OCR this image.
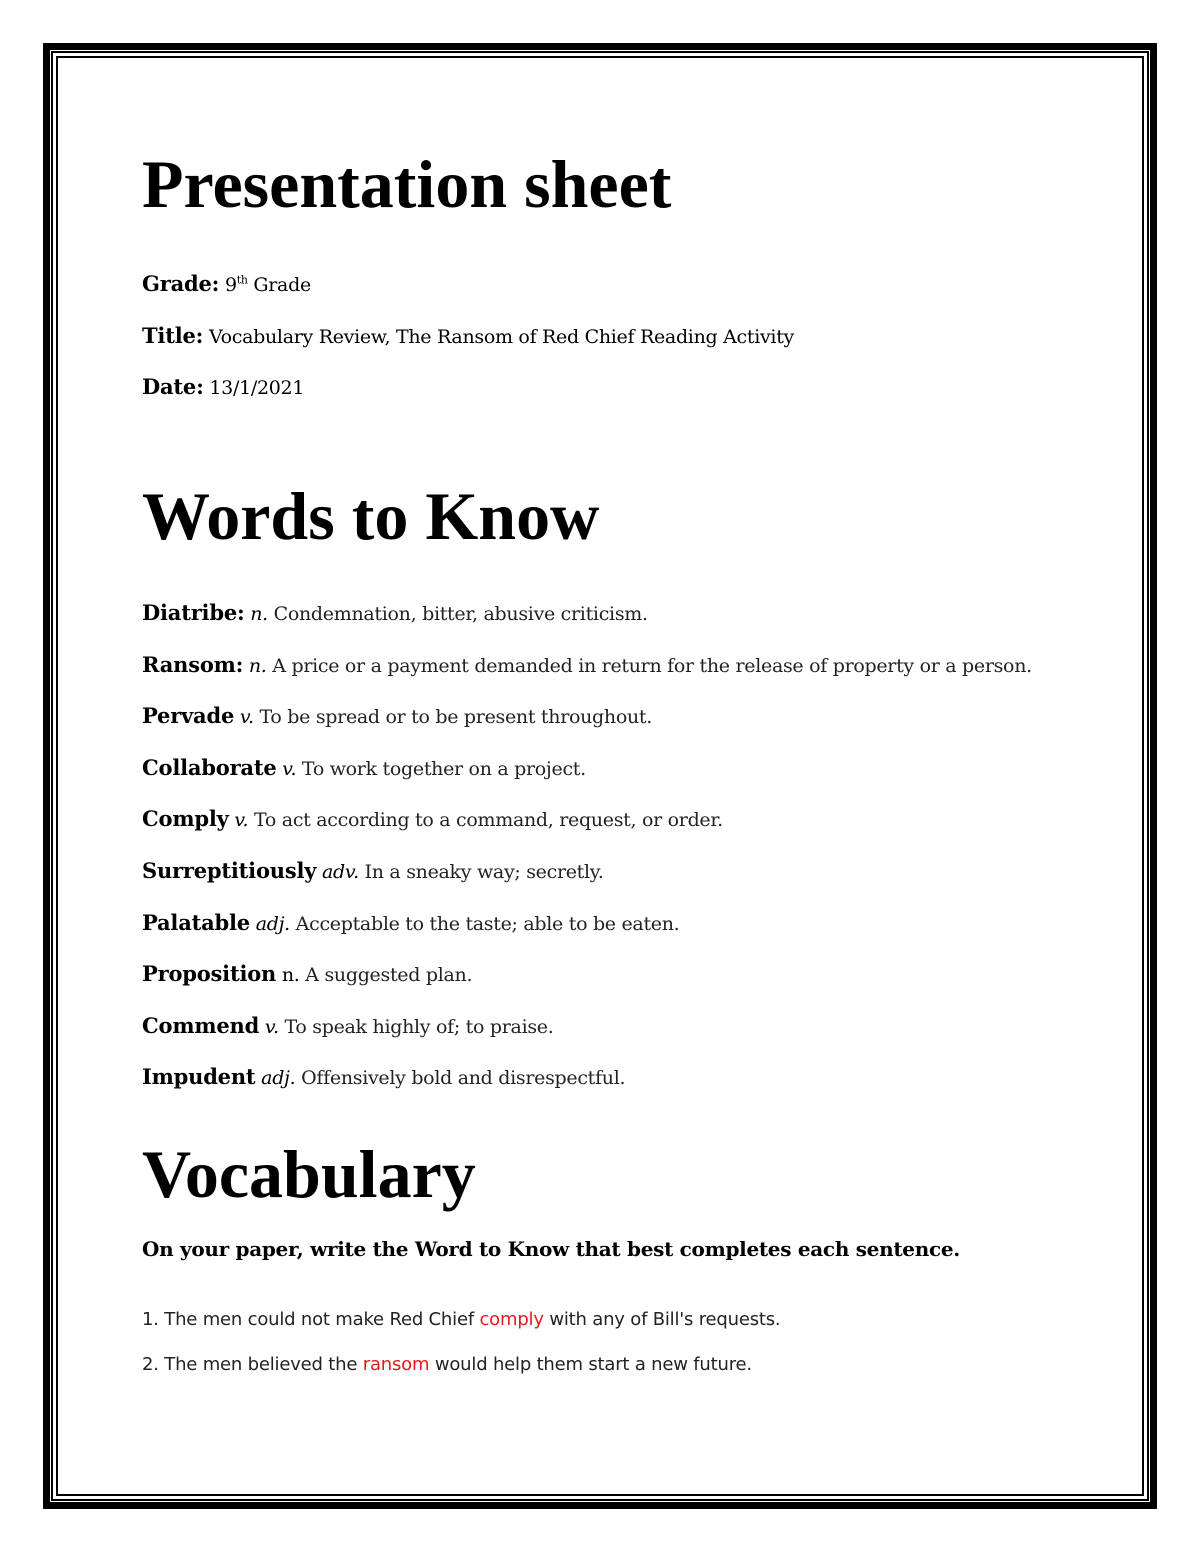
Presentation sheet
Grade: 9th Grade
Title: Vocabulary Review, The Ransom of Red Chief Reading Activity
Date: 13/1/2021
Words to Know
Diatribe: n. Condemnation, bitter, abusive criticism.
Ransom: n. A price or a payment demanded in return for the release of property or a person.
Pervade v. To be spread or to be present throughout.
Collaborate v. To work together on a project.
Comply v. To act according to a command, request, or order.
Surreptitiously adv. In a sneaky way; secretly.
Palatable adj. Acceptable to the taste; able to be eaten.
Proposition n. A suggested plan.
Commend v. To speak highly of; to praise.
Impudent adj. Offensively bold and disrespectful.
Vocabulary
On your paper, write the Word to Know that best completes each sentence.
1. The men could not make Red Chief comply with any of Bill's requests.
2. The men believed the ransom would help them start a new future.
